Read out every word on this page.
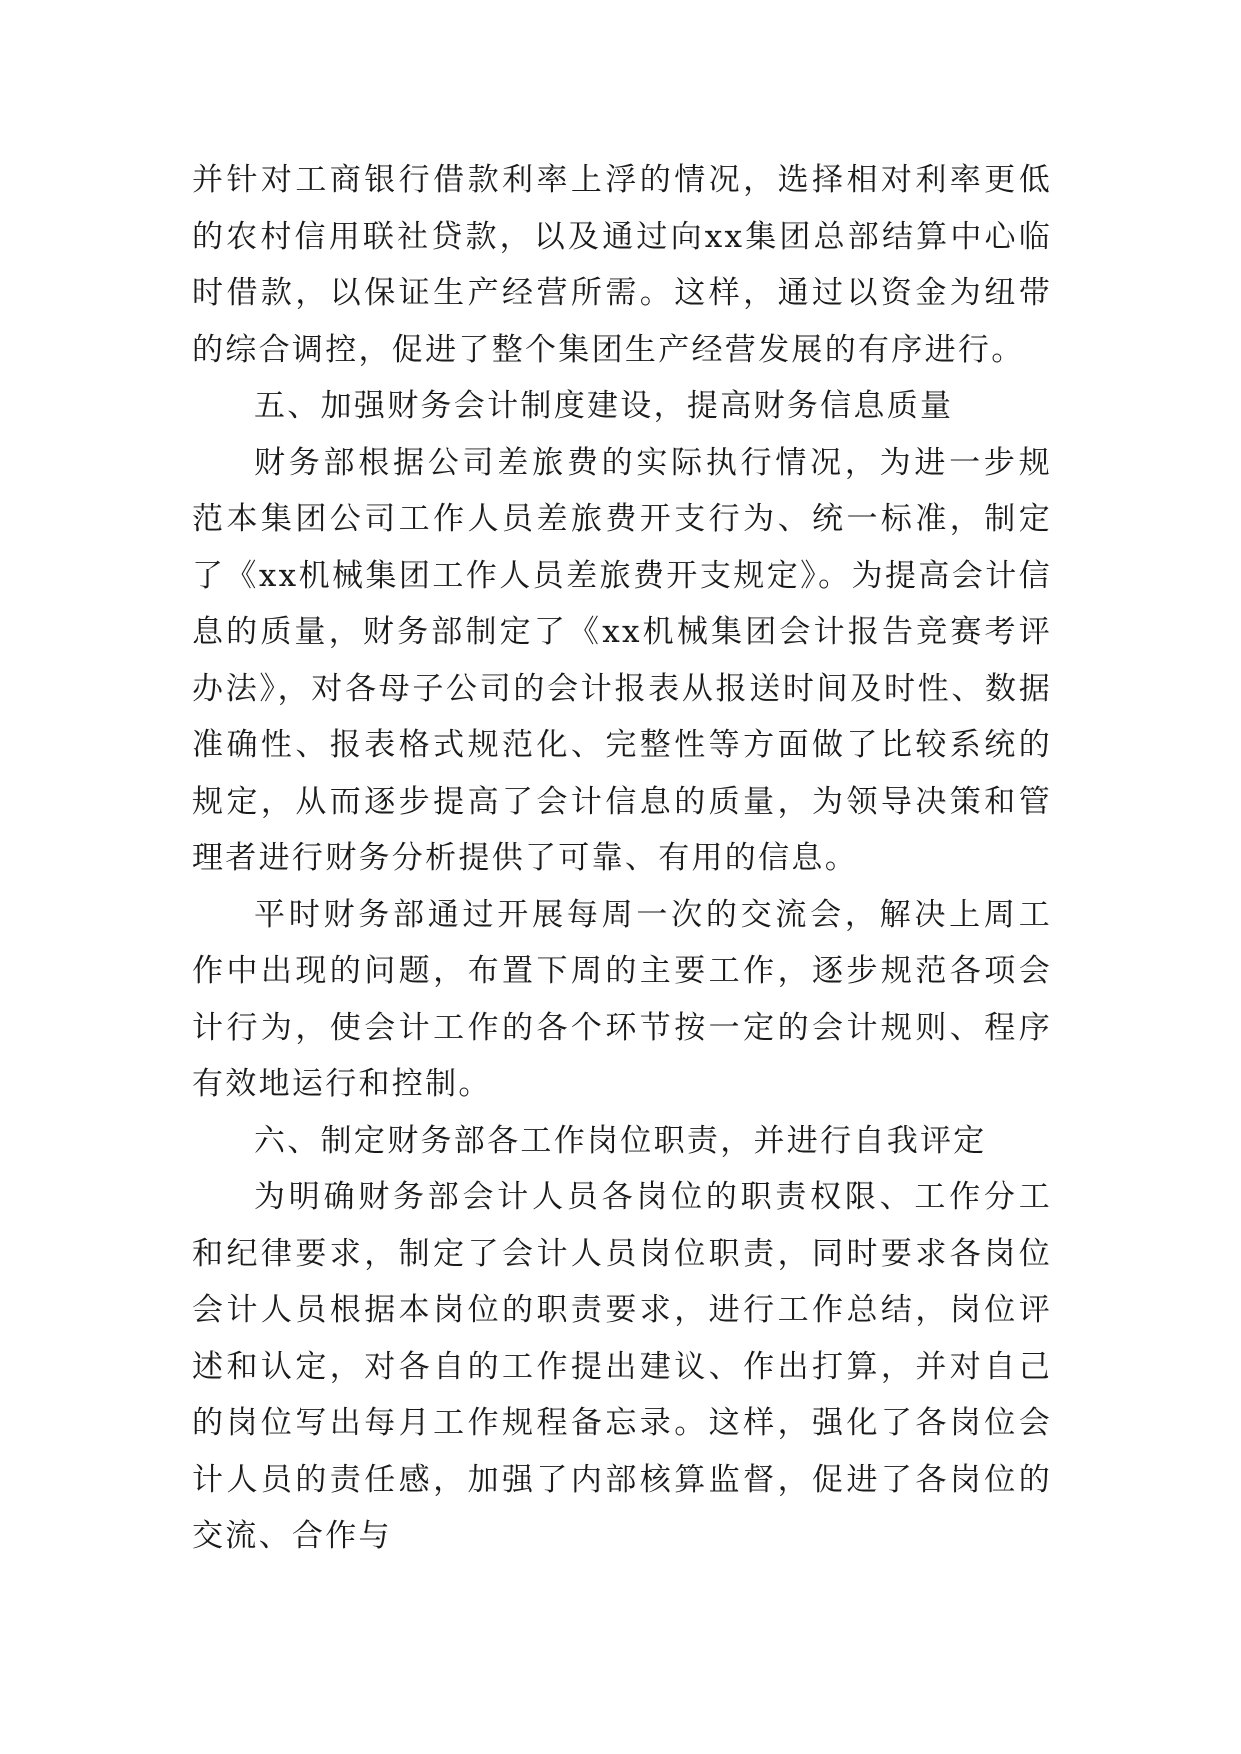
并针对工商银行借款利率上浮的情况，选择相对利率更低的农村信用联社贷款，以及通过向xx集团总部结算中心临时借款，以保证生产经营所需。这样，通过以资金为纽带的综合调控，促进了整个集团生产经营发展的有序进行。

五、加强财务会计制度建设，提高财务信息质量

财务部根据公司差旅费的实际执行情况，为进一步规范本集团公司工作人员差旅费开支行为、统一标准，制定了《xx机械集团工作人员差旅费开支规定》。为提高会计信息的质量，财务部制定了《xx机械集团会计报告竞赛考评办法》，对各母子公司的会计报表从报送时间及时性、数据准确性、报表格式规范化、完整性等方面做了比较系统的规定，从而逐步提高了会计信息的质量，为领导决策和管理者进行财务分析提供了可靠、有用的信息。

平时财务部通过开展每周一次的交流会，解决上周工作中出现的问题，布置下周的主要工作，逐步规范各项会计行为，使会计工作的各个环节按一定的会计规则、程序有效地运行和控制。

六、制定财务部各工作岗位职责，并进行自我评定

为明确财务部会计人员各岗位的职责权限、工作分工和纪律要求，制定了会计人员岗位职责，同时要求各岗位会计人员根据本岗位的职责要求，进行工作总结，岗位评述和认定，对各自的工作提出建议、作出打算，并对自己的岗位写出每月工作规程备忘录。这样，强化了各岗位会计人员的责任感，加强了内部核算监督，促进了各岗位的交流、合作与
